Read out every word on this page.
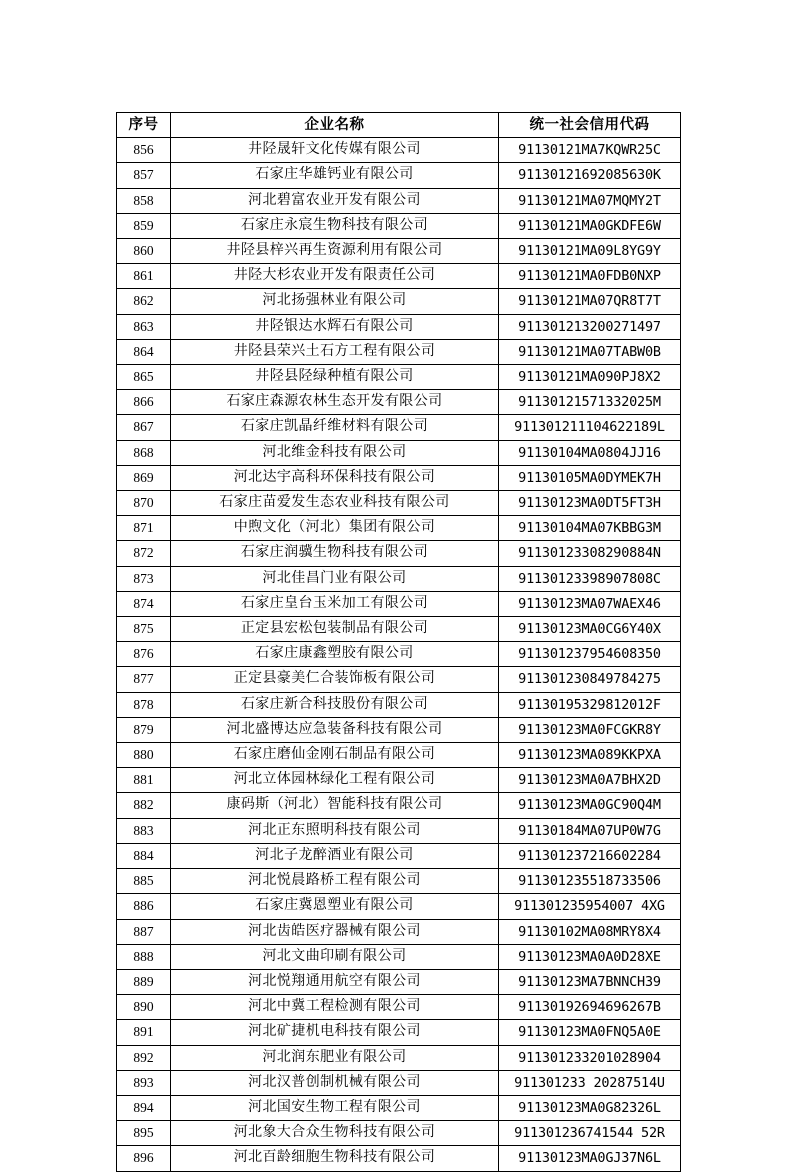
序号	企业名称	统一社会信用代码
856	井陉晟轩文化传媒有限公司	91130121MA7KQWR25C
857	石家庄华雄钙业有限公司	91130121692085630K
858	河北碧富农业开发有限公司	91130121MA07MQMY2T
859	石家庄永宸生物科技有限公司	91130121MA0GKDFE6W
860	井陉县梓兴再生资源利用有限公司	91130121MA09L8YG9Y
861	井陉大杉农业开发有限责任公司	91130121MA0FDB0NXP
862	河北扬强林业有限公司	91130121MA07QR8T7T
863	井陉银达水辉石有限公司	911301213200271497
864	井陉县荣兴土石方工程有限公司	91130121MA07TABW0B
865	井陉县陉绿种植有限公司	91130121MA090PJ8X2
866	石家庄森源农林生态开发有限公司	91130121571332025M
867	石家庄凯晶纤维材料有限公司	911301211104622189L
868	河北维金科技有限公司	91130104MA0804JJ16
869	河北达宇高科环保科技有限公司	91130105MA0DYMEK7H
870	石家庄苗爱发生态农业科技有限公司	91130123MA0DT5FT3H
871	中煦文化（河北）集团有限公司	91130104MA07KBBG3M
872	石家庄润骥生物科技有限公司	91130123308290884N
873	河北佳昌门业有限公司	91130123398907808C
874	石家庄皇台玉米加工有限公司	91130123MA07WAEX46
875	正定县宏松包装制品有限公司	91130123MA0CG6Y40X
876	石家庄康鑫塑胶有限公司	911301237954608350
877	正定县豪美仁合装饰板有限公司	911301230849784275
878	石家庄新合科技股份有限公司	91130195329812012F
879	河北盛博达应急装备科技有限公司	91130123MA0FCGKR8Y
880	石家庄磨仙金刚石制品有限公司	91130123MA089KKPXA
881	河北立体园林绿化工程有限公司	91130123MA0A7BHX2D
882	康码斯（河北）智能科技有限公司	91130123MA0GC90Q4M
883	河北正东照明科技有限公司	91130184MA07UP0W7G
884	河北子龙醉酒业有限公司	911301237216602284
885	河北悦晨路桥工程有限公司	911301235518733506
886	石家庄冀恩塑业有限公司	911301235954007 4XG
887	河北齿皓医疗器械有限公司	91130102MA08MRY8X4
888	河北文曲印刷有限公司	91130123MA0A0D28XE
889	河北悦翔通用航空有限公司	91130123MA7BNNCH39
890	河北中冀工程检测有限公司	91130192694696267B
891	河北矿捷机电科技有限公司	91130123MA0FNQ5A0E
892	河北润东肥业有限公司	911301233201028904
893	河北汉普创制机械有限公司	911301233 20287514U
894	河北国安生物工程有限公司	91130123MA0G82326L
895	河北象大合众生物科技有限公司	911301236741544 52R
896	河北百龄细胞生物科技有限公司	91130123MA0GJ37N6L
